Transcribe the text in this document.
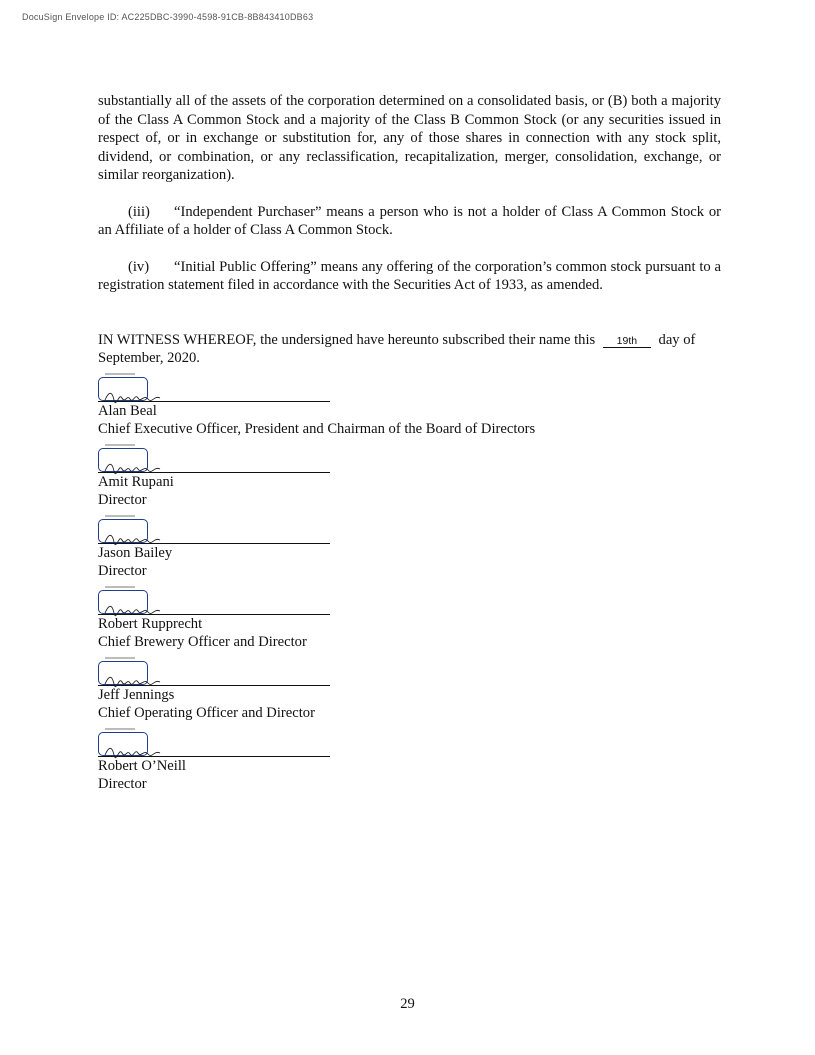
DocuSign Envelope ID: AC225DBC-3990-4598-91CB-8B843410DB63

substantially all of the assets of the corporation determined on a consolidated basis, or (B) both a majority of the Class A Common Stock and a majority of the Class B Common Stock (or any securities issued in respect of, or in exchange or substitution for, any of those shares in connection with any stock split, dividend, or combination, or any reclassification, recapitalization, merger, consolidation, exchange, or similar reorganization).

(iii) “Independent Purchaser” means a person who is not a holder of Class A Common Stock or an Affiliate of a holder of Class A Common Stock.

(iv) “Initial Public Offering” means any offering of the corporation’s common stock pursuant to a registration statement filed in accordance with the Securities Act of 1933, as amended.

IN WITNESS WHEREOF, the undersigned have hereunto subscribed their name this 19th day of September, 2020.

Alan Beal
Chief Executive Officer, President and Chairman of the Board of Directors
Amit Rupani
Director
Jason Bailey
Director
Robert Rupprecht
Chief Brewery Officer and Director
Jeff Jennings
Chief Operating Officer and Director
Robert O’Neill
Director
29
